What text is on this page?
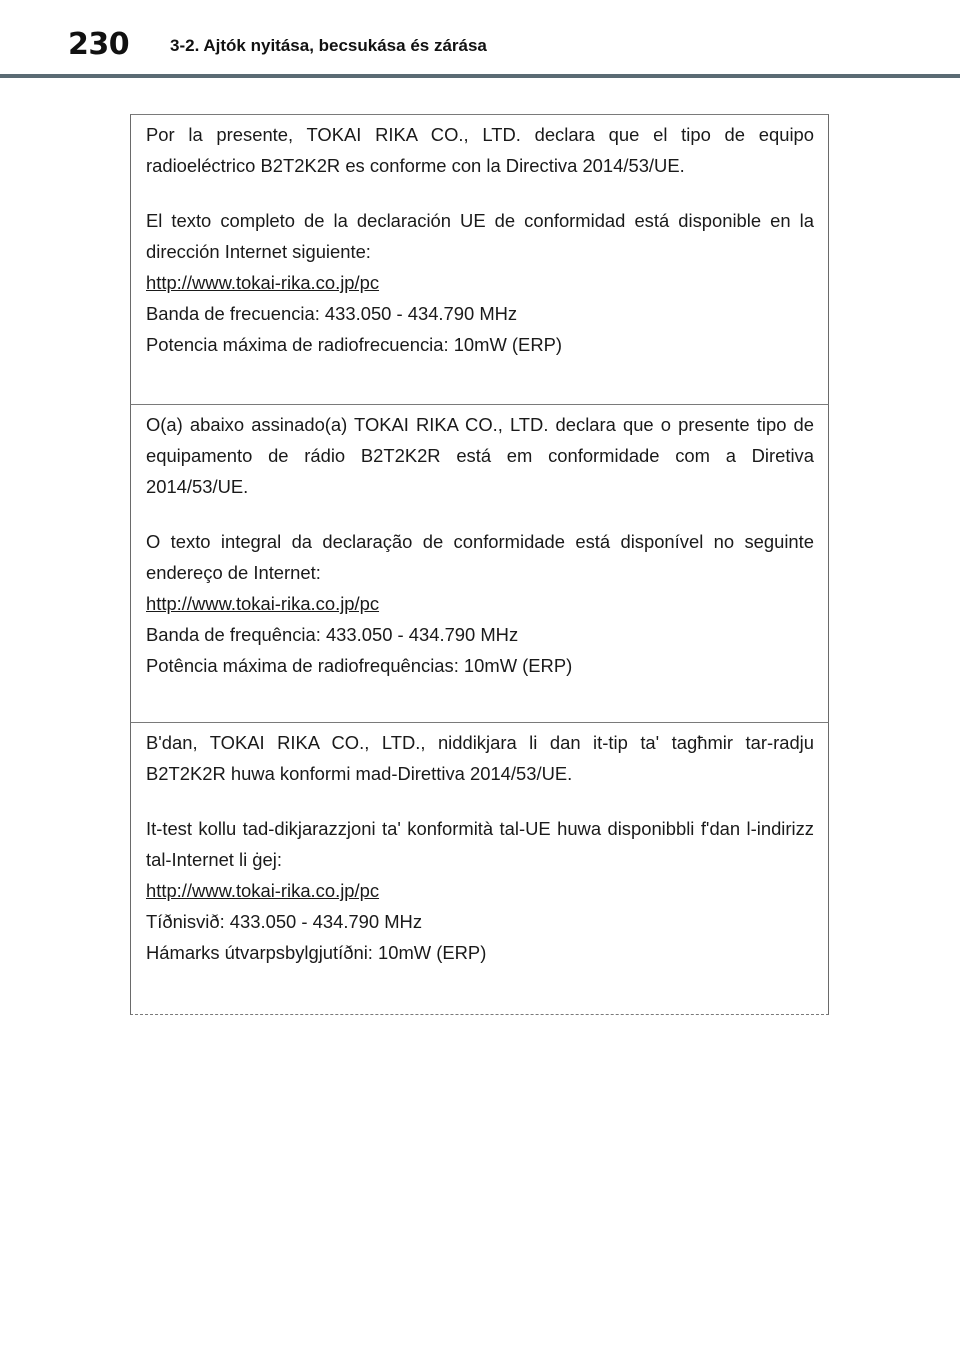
230 3-2. Ajtók nyitása, becsukása és zárása

Por la presente, TOKAI RIKA CO., LTD. declara que el tipo de equipo radioeléctrico B2T2K2R es conforme con la Directiva 2014/53/UE.

El texto completo de la declaración UE de conformidad está disponible en la dirección Internet siguiente:

http://www.tokai-rika.co.jp/pc

Banda de frecuencia: 433.050 - 434.790 MHz

Potencia máxima de radiofrecuencia: 10mW (ERP)

O(a) abaixo assinado(a) TOKAI RIKA CO., LTD. declara que o presente tipo de equipamento de rádio B2T2K2R está em conformidade com a Diretiva 2014/53/UE.

O texto integral da declaração de conformidade está disponível no seguinte endereço de Internet:

http://www.tokai-rika.co.jp/pc

Banda de frequência: 433.050 - 434.790 MHz

Potência máxima de radiofrequências: 10mW (ERP)

B'dan, TOKAI RIKA CO., LTD., niddikjara li dan it-tip ta' tagħmir tar-radju B2T2K2R huwa konformi mad-Direttiva 2014/53/UE.

It-test kollu tad-dikjarazzjoni ta' konformità tal-UE huwa disponibbli f'dan l-indirizz tal-Internet li ġej:

http://www.tokai-rika.co.jp/pc

Tíðnisvið: 433.050 - 434.790 MHz

Hámarks útvarpsbylgjutíðni: 10mW (ERP)
